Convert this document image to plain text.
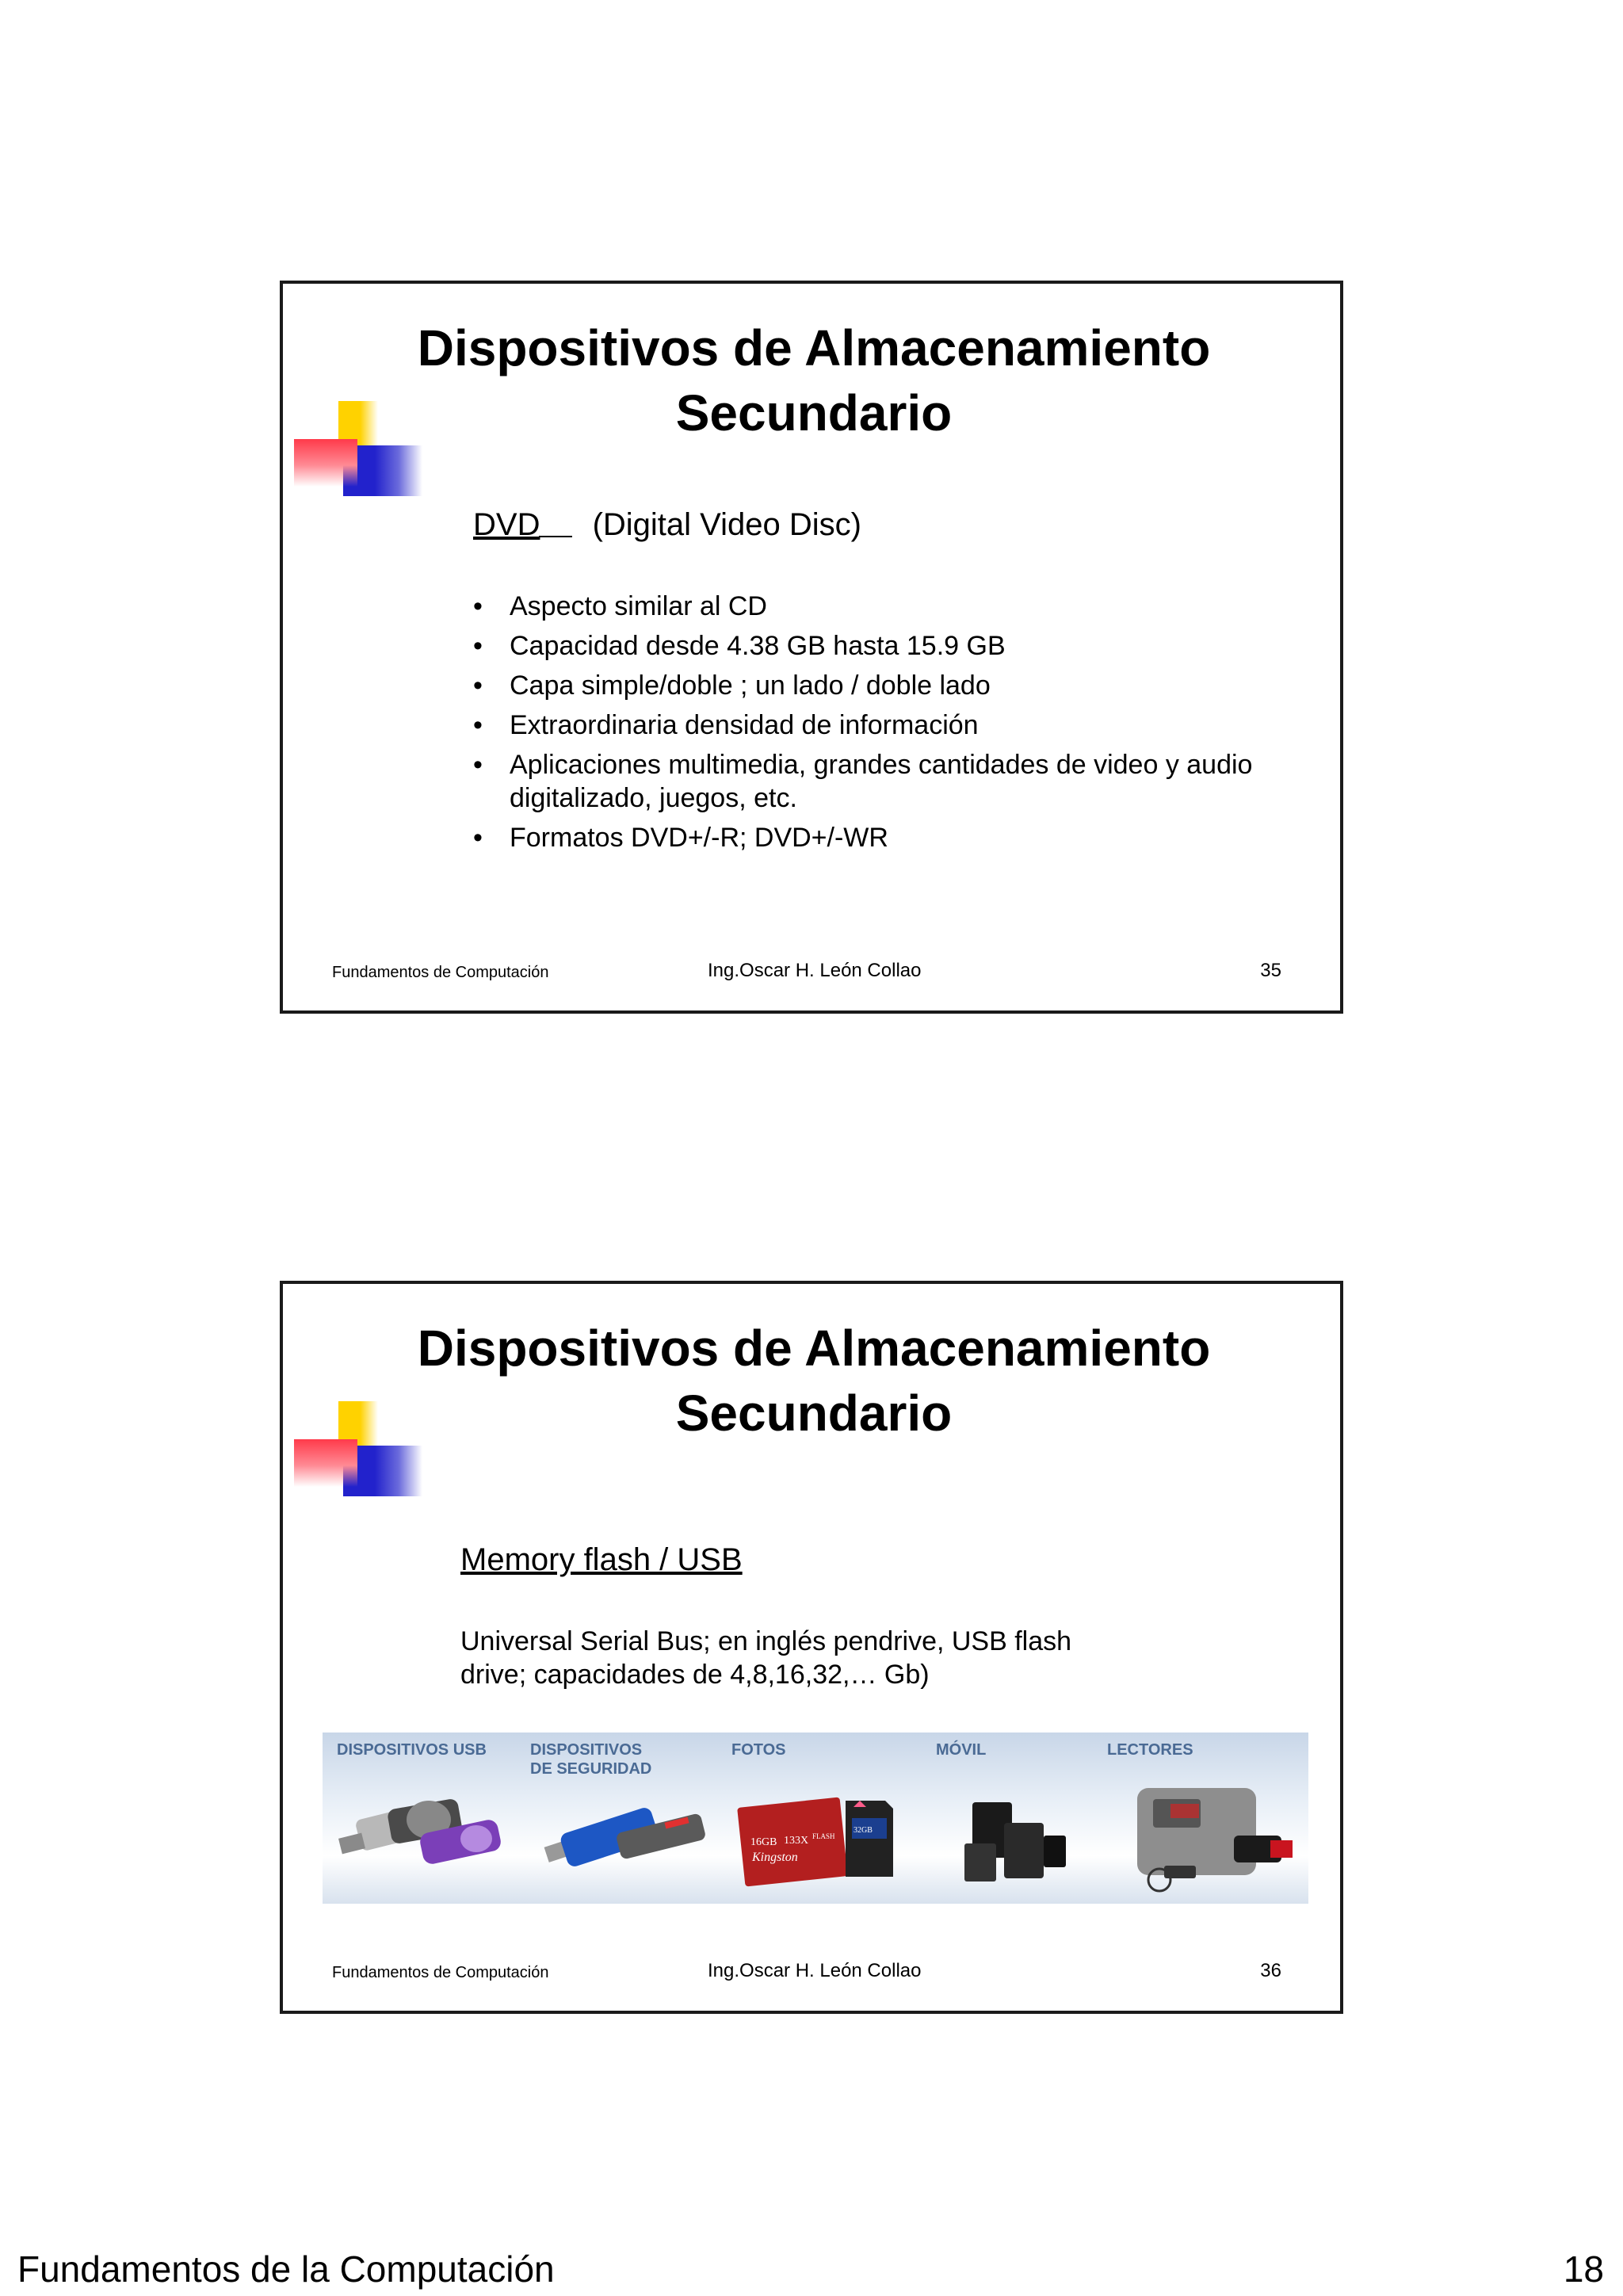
Dispositivos de Almacenamiento
Secundario
DVD (Digital Video Disc)
• Aspecto similar al CD
• Capacidad desde 4.38 GB hasta 15.9 GB
• Capa simple/doble ; un lado / doble lado
• Extraordinaria densidad de información
• Aplicaciones multimedia, grandes cantidades de video y audio digitalizado, juegos, etc.
• Formatos DVD+/-R; DVD+/-WR
Fundamentos de Computación	Ing.Oscar H. León Collao	35
Dispositivos de Almacenamiento
Secundario
Memory flash / USB
Universal Serial Bus; en inglés pendrive, USB flash
drive; capacidades de 4,8,16,32,… Gb)
DISPOSITIVOS USB	DISPOSITIVOS
DE SEGURIDAD
FOTOS	MÓVIL	LECTORES
16GB 133X FLASH
Kingston
32GB
Fundamentos de Computación	Ing.Oscar H. León Collao	36
Fundamentos de la Computación	18
